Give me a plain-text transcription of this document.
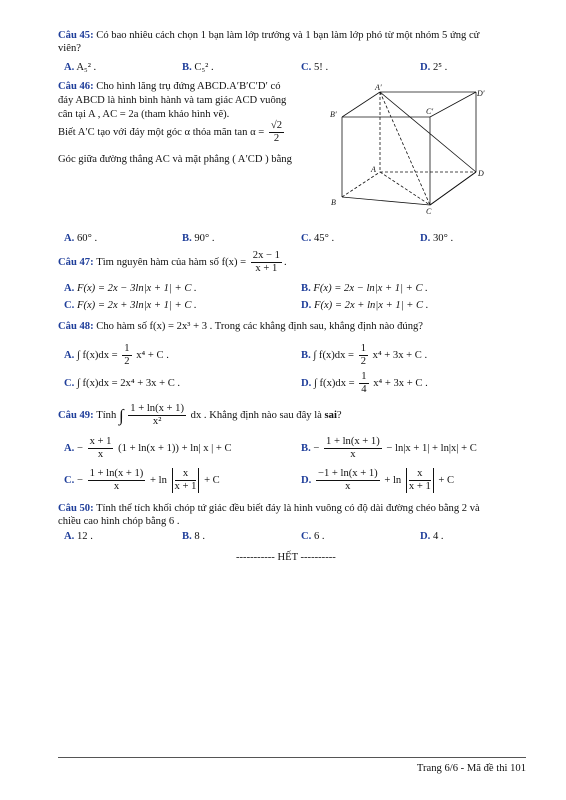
Câu 45: Có bao nhiêu cách chọn 1 bạn làm lớp trưởng và 1 bạn làm lớp phó từ một nhóm 5 ứng cử
viên?
A. A₅² .	B. C₅² .	C. 5! .	D. 2⁵ .
Câu 46: Cho hình lăng trụ đứng ABCD.A′B′C′D′ có
đáy ABCD là hình bình hành và tam giác ACD vuông
cân tại A , AC = 2a (tham khảo hình vẽ).
Biết A′C tạo với đáy một góc α thỏa mãn $\tan \alpha = \frac{√2}{2}$
Góc giữa đường thẳng AC và mặt phẳng ( A′CD ) bằng
A′
D′
B′	C′
A	D
B
C
A. 60° .	B. 90° .	C. 45° .	D. 30° .
Câu 47: Tìm nguyên hàm của hàm số $f(x) = \frac{2x - 1}{x + 1}$ .
A. F(x) = 2x − 3ln|x + 1| + C .	B. F(x) = 2x − ln|x + 1| + C .
C. F(x) = 2x + 3ln|x + 1| + C .	D. F(x) = 2x + ln|x + 1| + C .
Câu 48: Cho hàm số f(x) = 2x³ + 3 . Trong các khẳng định sau, khẳng định nào đúng?
A. ∫ $f(x)dx = \frac{1}{2} x^4 + C$ .	B. ∫ $f(x)dx = \frac{1}{2} x^4 + 3x + C$ .
C. ∫ f(x)dx = 2x⁴ + 3x + C .	D. ∫ $f(x)dx = \frac{1}{4} x^4 + 3x + C$ .
Câu 49: Tính ∫ $\frac{1 + \ln(x + 1)}{\text{x²}}$ dx . Khẳng định nào sau đây là sai?
A. − $\frac{x + 1}{x} (1 + \ln(x + 1)) + \ln|$ x | + C	B. − $\frac{1 + \ln(x + 1)}{x} - \ln|x + 1| + \ln|x| + C$
C. − $\frac{1 + \ln(x + 1)}{x} + \ln \frac{x}{x + 1} + C$	D. $\frac{-1 + \ln(x + 1)}{x} + \ln \frac{x}{x + 1} + C$
Câu 50: Tính thể tích khối chóp tứ giác đều biết đáy là hình vuông có độ dài đường chéo bằng 2 và
chiều cao hình chóp bằng 6 .
A. 12 .	B. 8 .	C. 6 .	D. 4 .
----------- HẾT ----------
Trang 6/6 - Mã đề thi 101
